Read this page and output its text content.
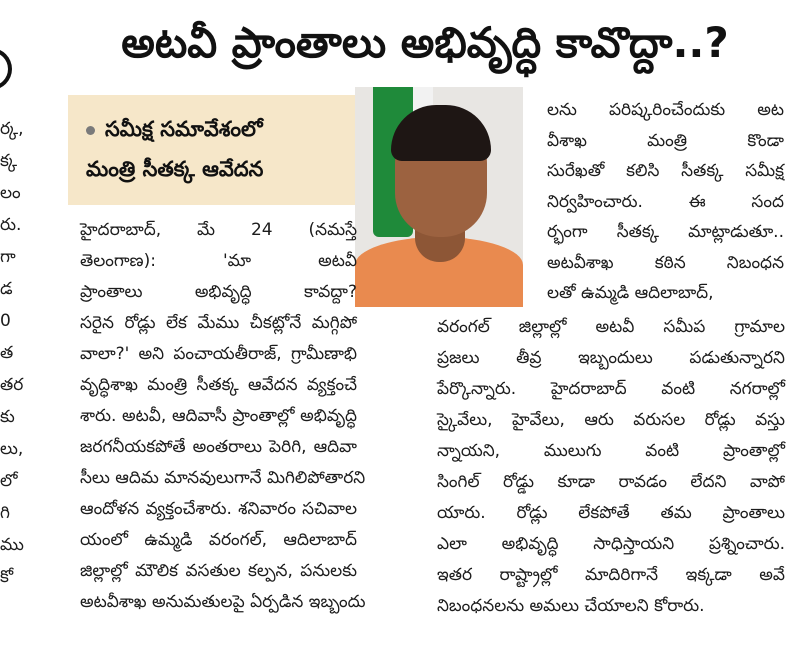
ర్క,
క్క
లం
రు.
గా
డ
0
త
తర
కు
లు,
లో
గి
ము
కో
అటవీ ప్రాంతాలు అభివృద్ధి కావొద్దా..?
సమీక్ష సమావేశంలో
మంత్రి సీతక్క ఆవేదన
హైదరాబాద్, మే 24 (నమస్తే
తెలంగాణ): 'మా అటవీ
ప్రాంతాలు అభివృద్ధి కావద్దా?
సరైన రోడ్లు లేక మేము చీకట్లోనే మగ్గిపో
వాలా?' అని పంచాయతీరాజ్, గ్రామీణాభి
వృద్ధిశాఖ మంత్రి సీతక్క ఆవేదన వ్యక్తంచే
శారు. అటవీ, ఆదివాసీ ప్రాంతాల్లో అభివృద్ధి
జరగనీయకపోతే అంతరాలు పెరిగి, ఆదివా
సీలు ఆదిమ మానవులుగానే మిగిలిపోతారని
ఆందోళన వ్యక్తంచేశారు. శనివారం సచివాల
యంలో ఉమ్మడి వరంగల్, ఆదిలాబాద్
జిల్లాల్లో మౌలిక వసతుల కల్పన, పనులకు
అటవీశాఖ అనుమతులపై ఏర్పడిన ఇబ్బందు
లను పరిష్కరించేందుకు అట
వీశాఖ మంత్రి కొండా
సురేఖతో కలిసి సీతక్క సమీక్ష
నిర్వహించారు. ఈ సంద
ర్భంగా సీతక్క మాట్లాడుతూ..
అటవీశాఖ కఠిన నిబంధన
లతో ఉమ్మడి ఆదిలాబాద్,
వరంగల్ జిల్లాల్లో అటవీ సమీప గ్రామాల
ప్రజలు తీవ్ర ఇబ్బందులు పడుతున్నారని
పేర్కొన్నారు. హైదరాబాద్ వంటి నగరాల్లో
స్కైవేలు, హైవేలు, ఆరు వరుసల రోడ్లు వస్తు
న్నాయని, ములుగు వంటి ప్రాంతాల్లో
సింగిల్ రోడ్డు కూడా రావడం లేదని వాపో
యారు. రోడ్లు లేకపోతే తమ ప్రాంతాలు
ఎలా అభివృద్ధి సాధిస్తాయని ప్రశ్నించారు.
ఇతర రాష్ట్రాల్లో మాదిరిగానే ఇక్కడా అవే
నిబంధనలను అమలు చేయాలని కోరారు.
